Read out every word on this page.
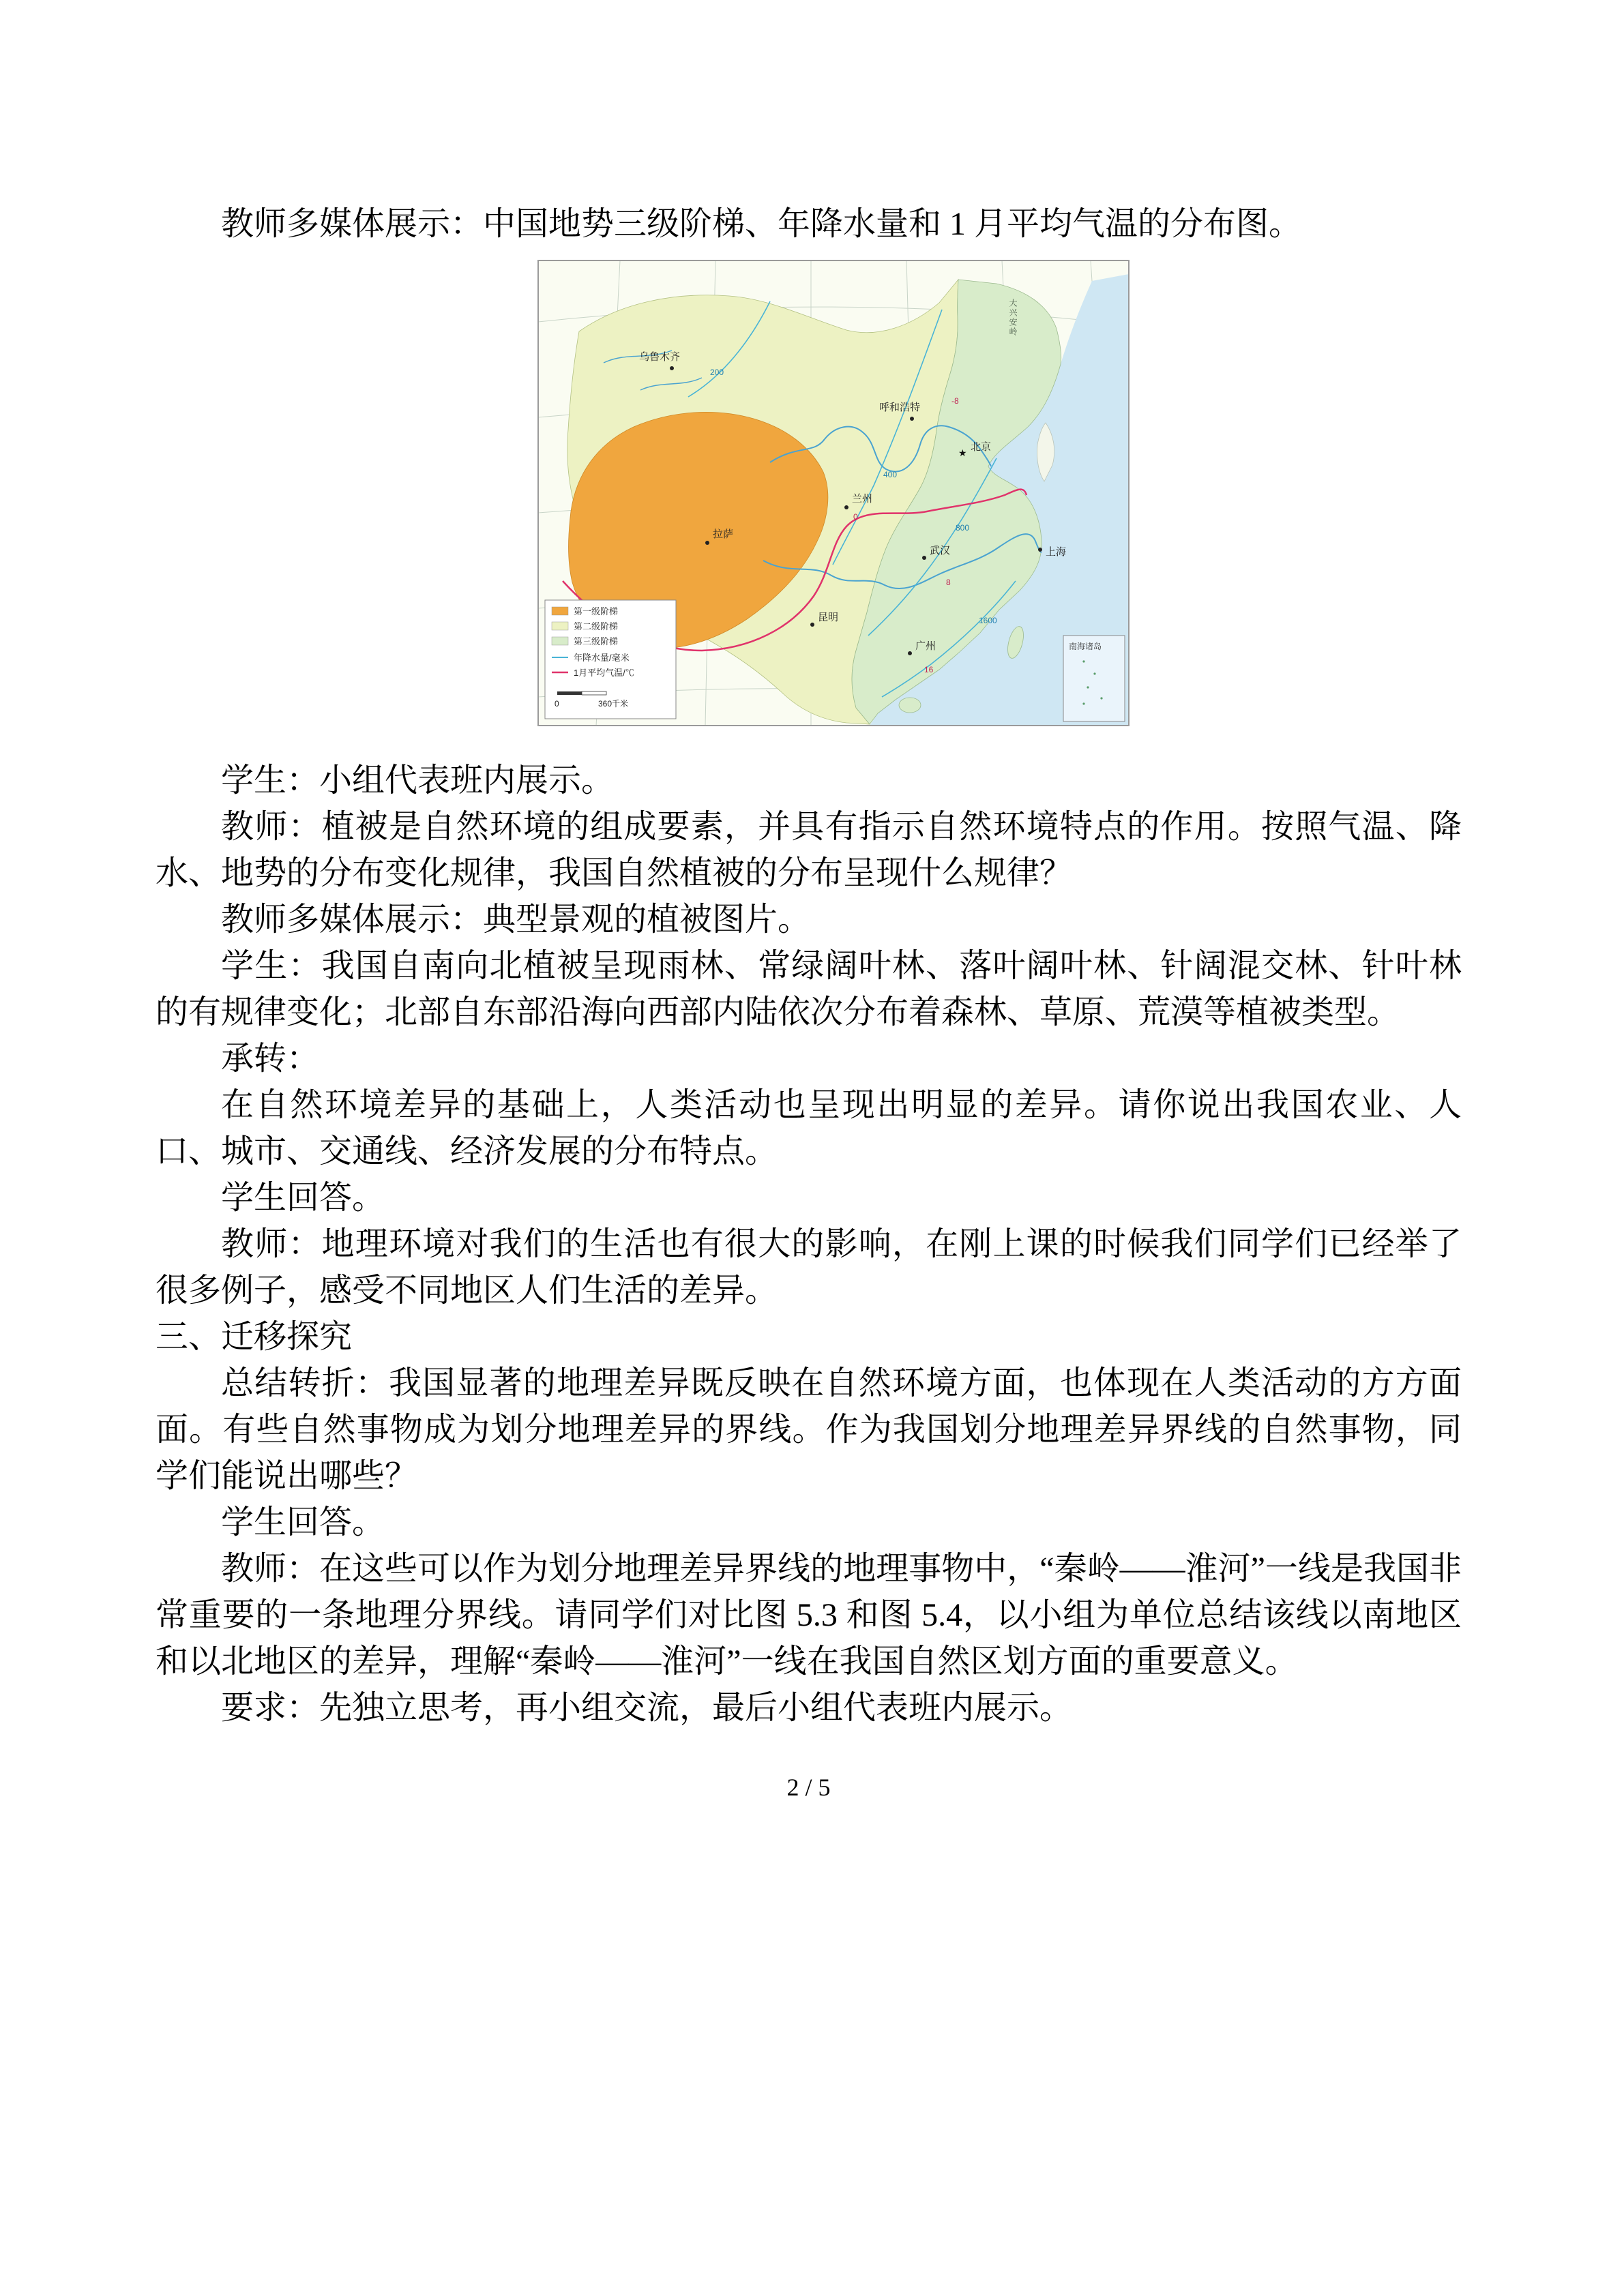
教师多媒体展示：中国地势三级阶梯、年降水量和 1 月平均气温的分布图。

200
400
800
1600
-8
0
8
16
大兴安岭
乌鲁木齐
呼和浩特
★ 北京
兰州
拉萨
武汉	上海
昆明
广州
第一级阶梯
第二级阶梯
第三级阶梯
年降水量/毫米
1月平均气温/℃
0	360千米
南海诸岛

学生：小组代表班内展示。

教师：植被是自然环境的组成要素，并具有指示自然环境特点的作用。按照气温、降水、地势的分布变化规律，我国自然植被的分布呈现什么规律？

教师多媒体展示：典型景观的植被图片。

学生：我国自南向北植被呈现雨林、常绿阔叶林、落叶阔叶林、针阔混交林、针叶林的有规律变化；北部自东部沿海向西部内陆依次分布着森林、草原、荒漠等植被类型。

承转：

在自然环境差异的基础上，人类活动也呈现出明显的差异。请你说出我国农业、人口、城市、交通线、经济发展的分布特点。

学生回答。

教师：地理环境对我们的生活也有很大的影响，在刚上课的时候我们同学们已经举了很多例子，感受不同地区人们生活的差异。

三、迁移探究

总结转折：我国显著的地理差异既反映在自然环境方面，也体现在人类活动的方方面面。有些自然事物成为划分地理差异的界线。作为我国划分地理差异界线的自然事物，同学们能说出哪些？

学生回答。

教师：在这些可以作为划分地理差异界线的地理事物中，“秦岭——淮河”一线是我国非常重要的一条地理分界线。请同学们对比图 5.3 和图 5.4，以小组为单位总结该线以南地区和以北地区的差异，理解“秦岭——淮河”一线在我国自然区划方面的重要意义。

要求：先独立思考，再小组交流，最后小组代表班内展示。

2 / 5
